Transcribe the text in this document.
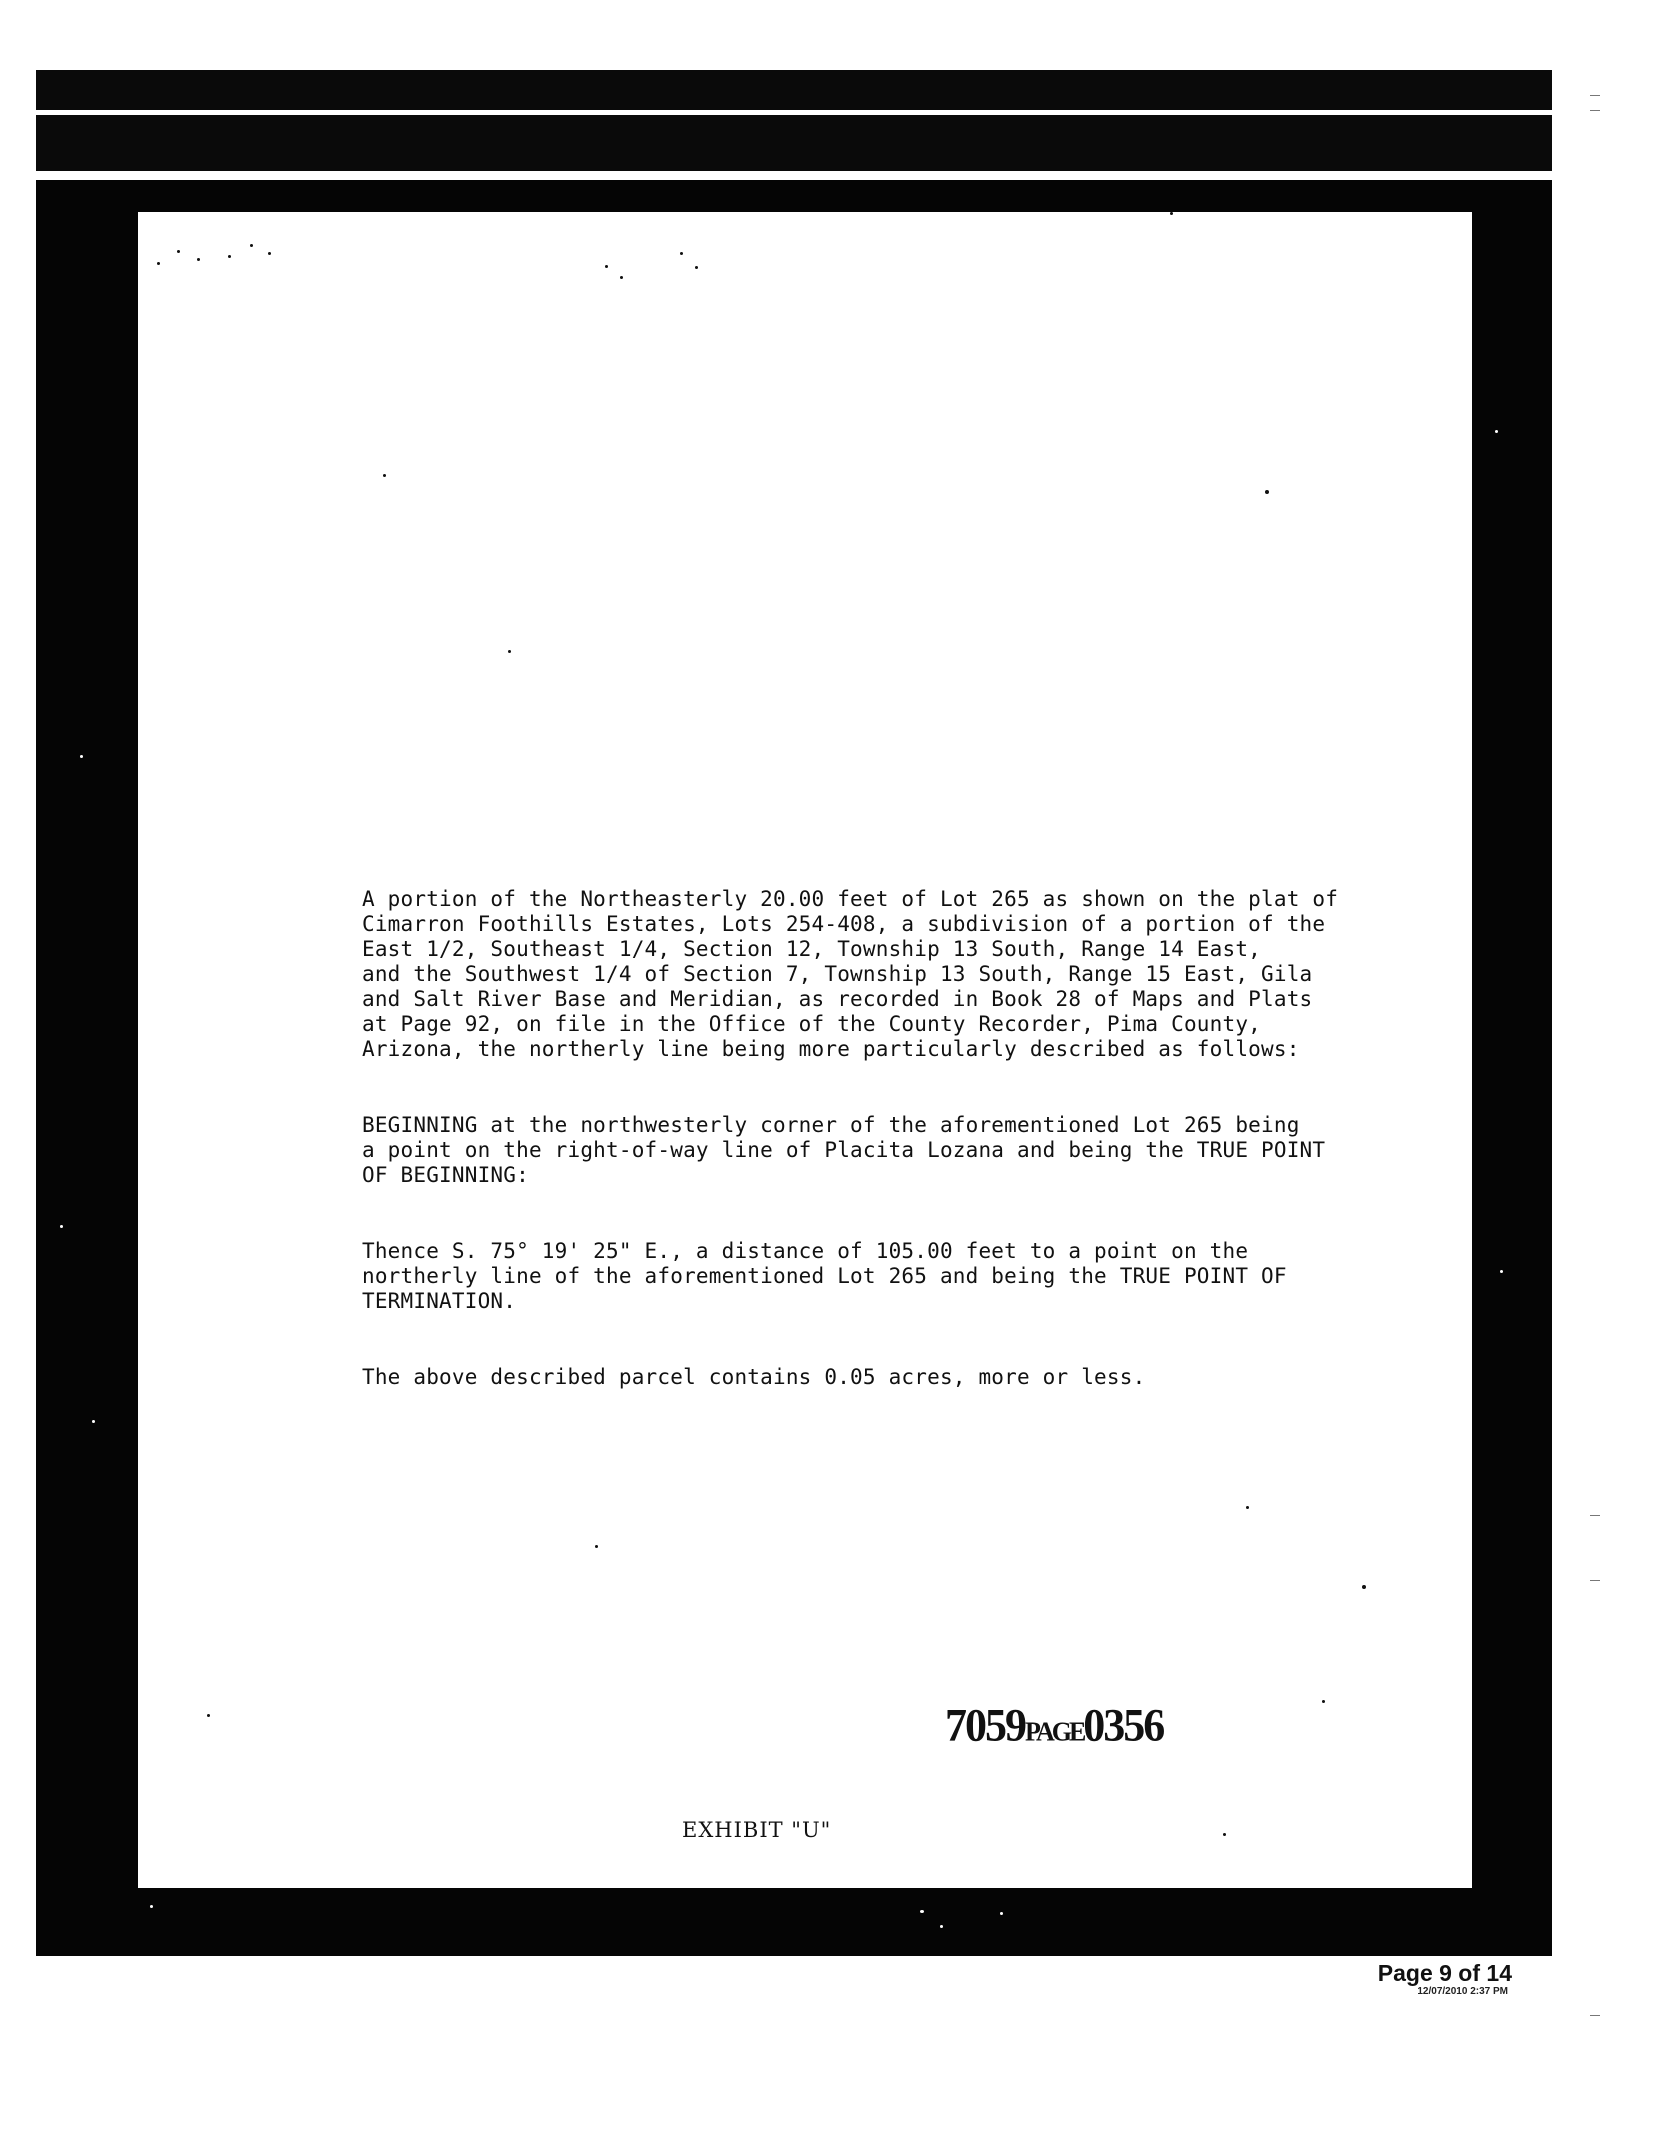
A portion of the Northeasterly 20.00 feet of Lot 265 as shown on the plat of
Cimarron Foothills Estates, Lots 254-408, a subdivision of a portion of the
East 1/2, Southeast 1/4, Section 12, Township 13 South, Range 14 East,
and the Southwest 1/4 of Section 7, Township 13 South, Range 15 East, Gila
and Salt River Base and Meridian, as recorded in Book 28 of Maps and Plats
at Page 92, on file in the Office of the County Recorder, Pima County,
Arizona, the northerly line being more particularly described as follows:

BEGINNING at the northwesterly corner of the aforementioned Lot 265 being
a point on the right-of-way line of Placita Lozana and being the TRUE POINT
OF BEGINNING:

Thence S. 75° 19' 25" E., a distance of 105.00 feet to a point on the
northerly line of the aforementioned Lot 265 and being the TRUE POINT OF
TERMINATION.

The above described parcel contains 0.05 acres, more or less.

7059PAGE0356
EXHIBIT "U"
Page 9 of 14
12/07/2010 2:37 PM
